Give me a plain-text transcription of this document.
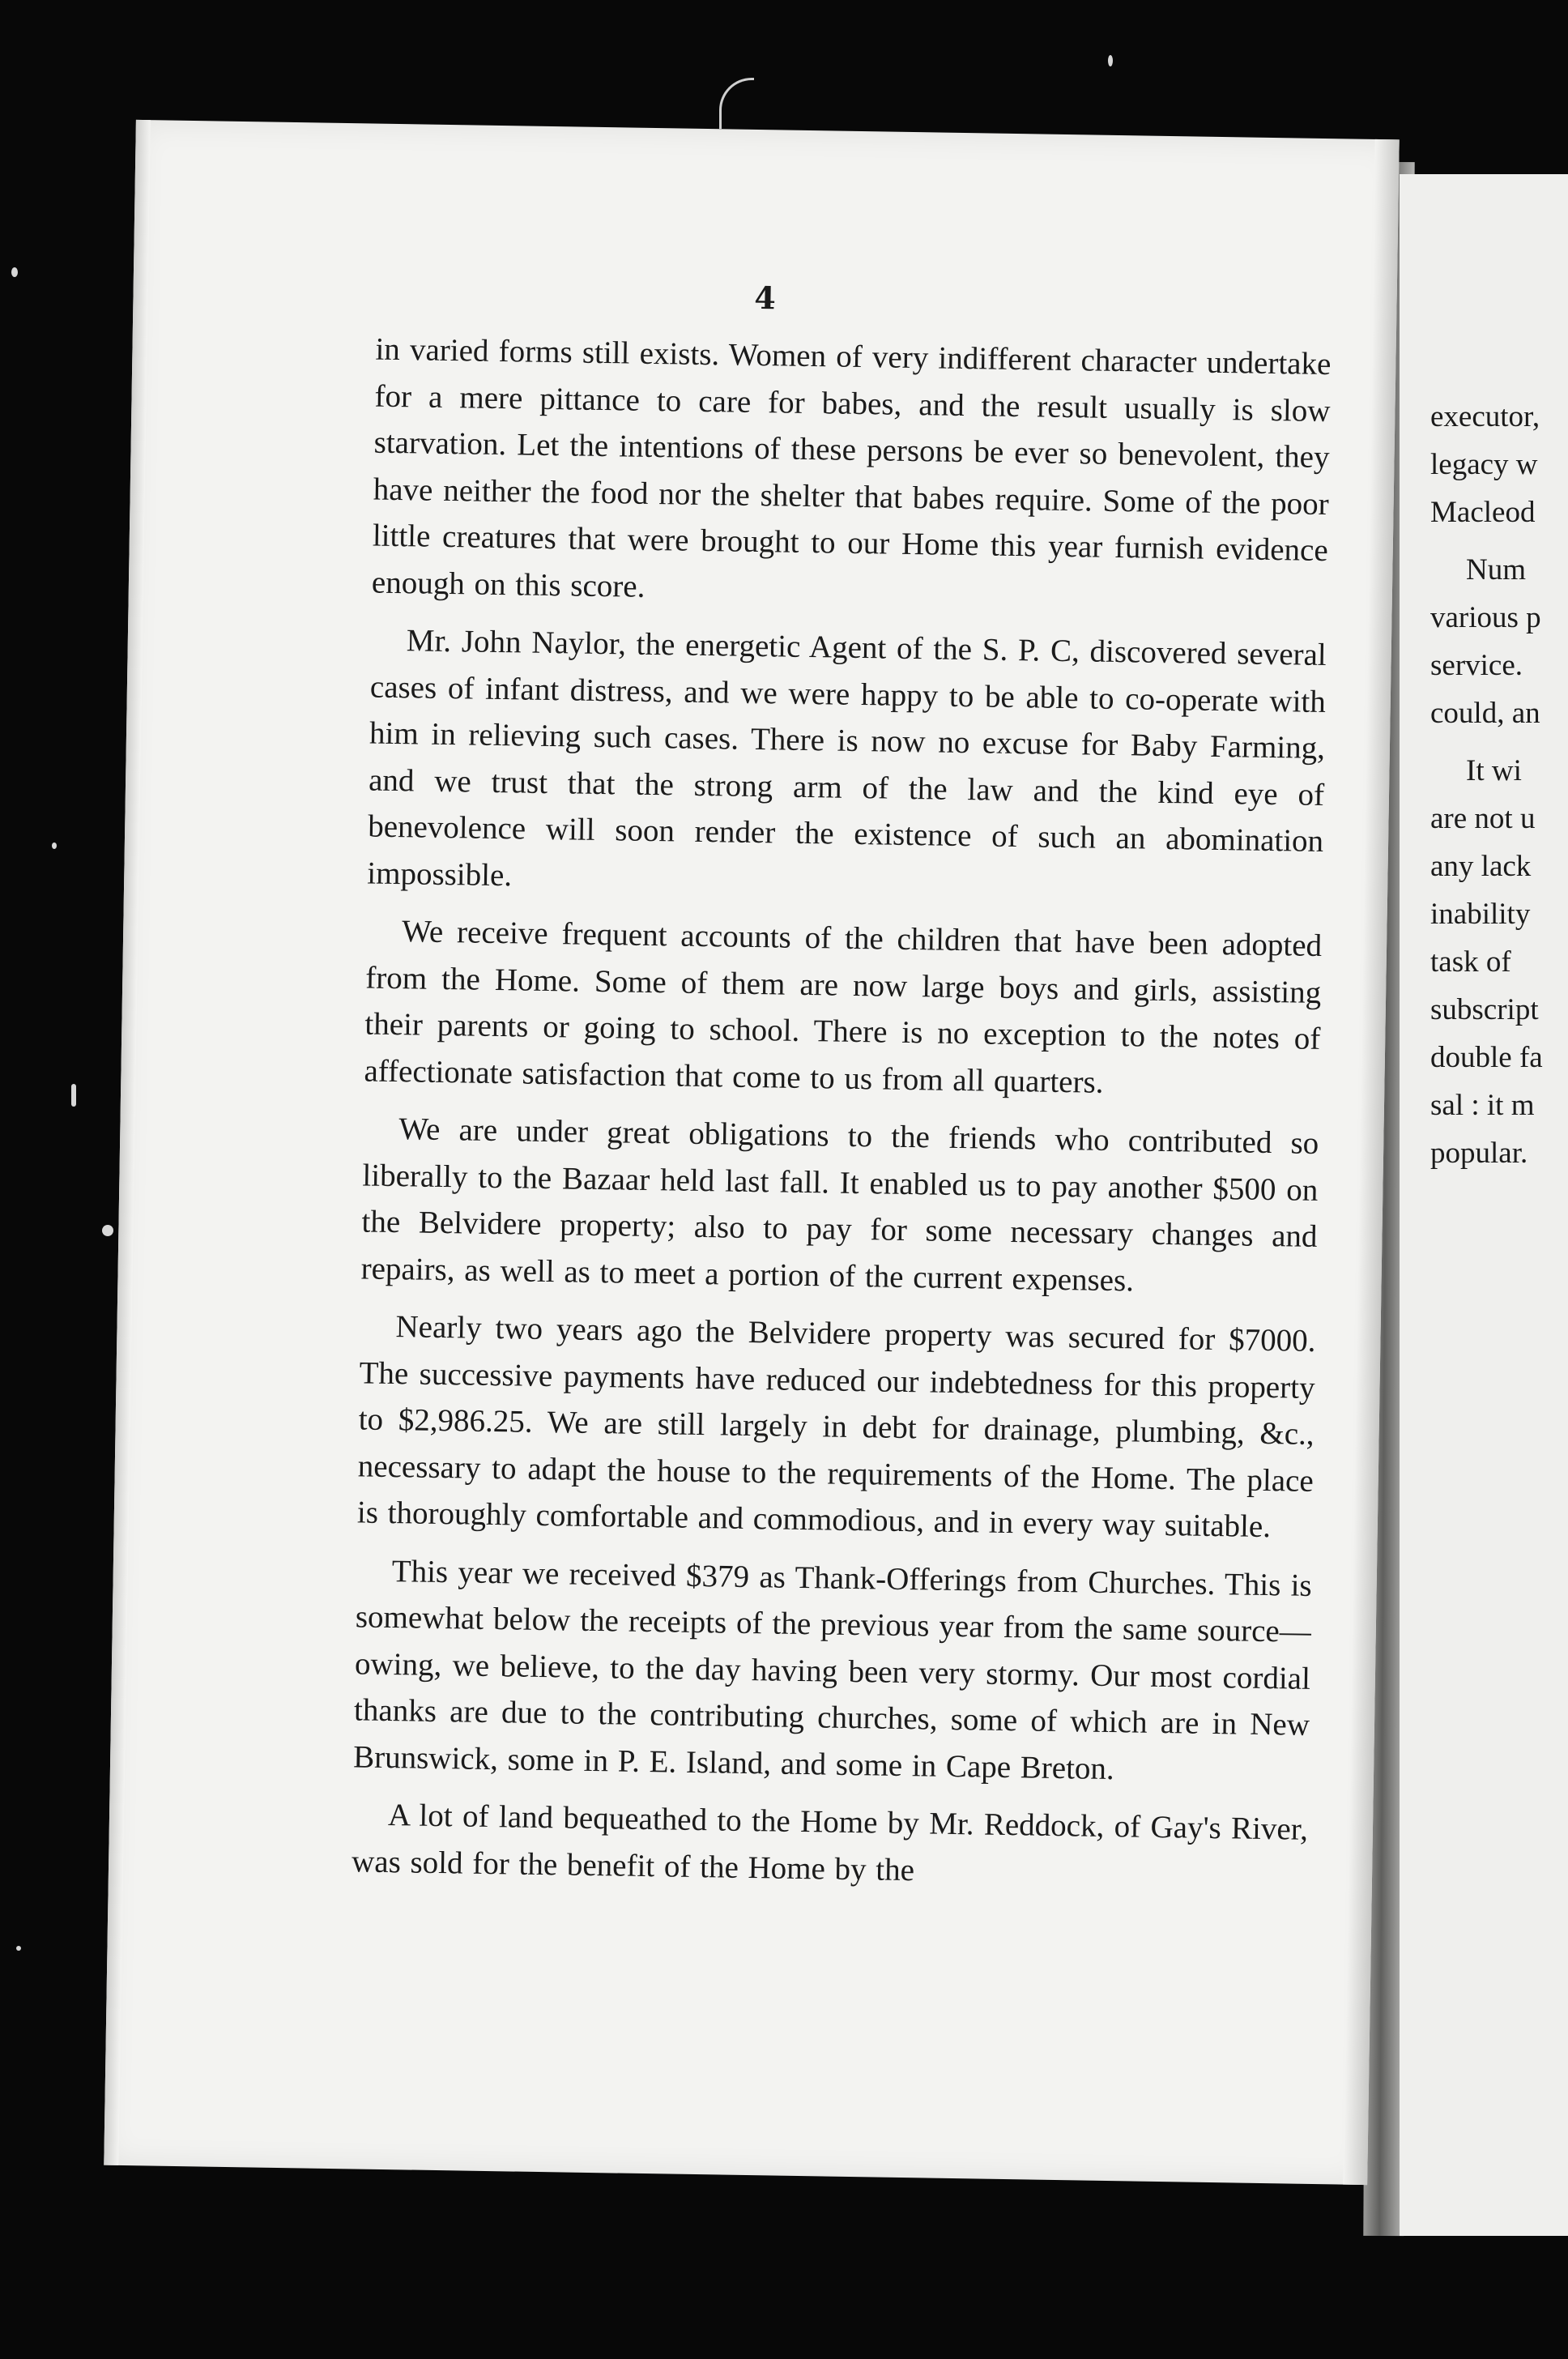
executor,
legacy w
Macleod
Num
various p
service.
could, an
It wi
are not u
any lack
inability
task of
subscript
double fa
sal : it m
popular.
4

in varied forms still exists. Women of very indifferent character undertake for a mere pittance to care for babes, and the result usually is slow starvation. Let the intentions of these persons be ever so benevolent, they have neither the food nor the shelter that babes require. Some of the poor little creatures that were brought to our Home this year furnish evidence enough on this score.

Mr. John Naylor, the energetic Agent of the S. P. C, discovered several cases of infant distress, and we were happy to be able to co-operate with him in relieving such cases. There is now no excuse for Baby Farming, and we trust that the strong arm of the law and the kind eye of benevolence will soon render the existence of such an abomination impossible.

We receive frequent accounts of the children that have been adopted from the Home. Some of them are now large boys and girls, assisting their parents or going to school. There is no exception to the notes of affectionate satisfaction that come to us from all quarters.

We are under great obligations to the friends who contributed so liberally to the Bazaar held last fall. It enabled us to pay another $500 on the Belvidere property; also to pay for some necessary changes and repairs, as well as to meet a portion of the current expenses.

Nearly two years ago the Belvidere property was secured for $7000. The successive payments have reduced our indebtedness for this property to $2,986.25. We are still largely in debt for drainage, plumbing, &c., necessary to adapt the house to the requirements of the Home. The place is thoroughly comfortable and commodious, and in every way suitable.

This year we received $379 as Thank-Offerings from Churches. This is somewhat below the receipts of the previous year from the same source—owing, we believe, to the day having been very stormy. Our most cordial thanks are due to the contributing churches, some of which are in New Brunswick, some in P. E. Island, and some in Cape Breton.

A lot of land bequeathed to the Home by Mr. Reddock, of Gay's River, was sold for the benefit of the Home by the
